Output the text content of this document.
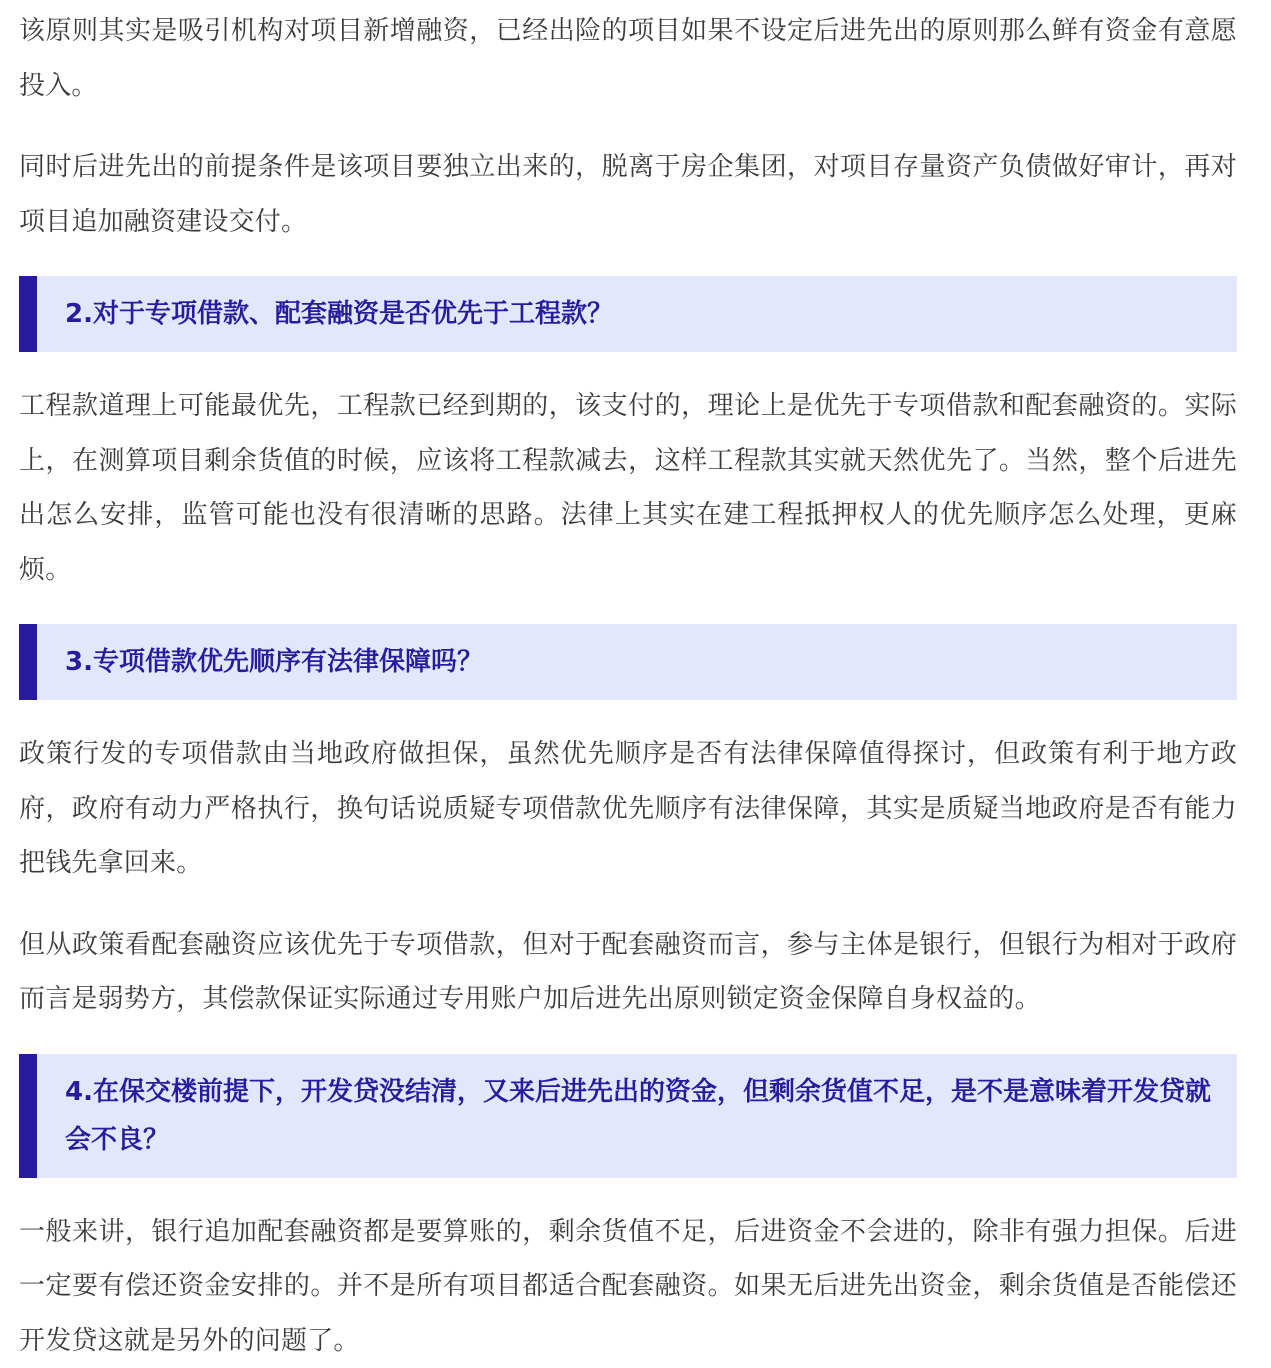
该原则其实是吸引机构对项目新增融资，已经出险的项目如果不设定后进先出的原则那么鲜有资金有意愿投入。

同时后进先出的前提条件是该项目要独立出来的，脱离于房企集团，对项目存量资产负债做好审计，再对项目追加融资建设交付。

2.对于专项借款、配套融资是否优先于工程款？

工程款道理上可能最优先，工程款已经到期的，该支付的，理论上是优先于专项借款和配套融资的。实际上，在测算项目剩余货值的时候，应该将工程款减去，这样工程款其实就天然优先了。当然，整个后进先出怎么安排，监管可能也没有很清晰的思路。法律上其实在建工程抵押权人的优先顺序怎么处理，更麻烦。

3.专项借款优先顺序有法律保障吗？

政策行发的专项借款由当地政府做担保，虽然优先顺序是否有法律保障值得探讨，但政策有利于地方政府，政府有动力严格执行，换句话说质疑专项借款优先顺序有法律保障，其实是质疑当地政府是否有能力把钱先拿回来。

但从政策看配套融资应该优先于专项借款，但对于配套融资而言，参与主体是银行，但银行为相对于政府而言是弱势方，其偿款保证实际通过专用账户加后进先出原则锁定资金保障自身权益的。

4.在保交楼前提下，开发贷没结清，又来后进先出的资金，但剩余货值不足，是不是意味着开发贷就会不良？

一般来讲，银行追加配套融资都是要算账的，剩余货值不足，后进资金不会进的，除非有强力担保。后进一定要有偿还资金安排的。并不是所有项目都适合配套融资。如果无后进先出资金，剩余货值是否能偿还开发贷这就是另外的问题了。
